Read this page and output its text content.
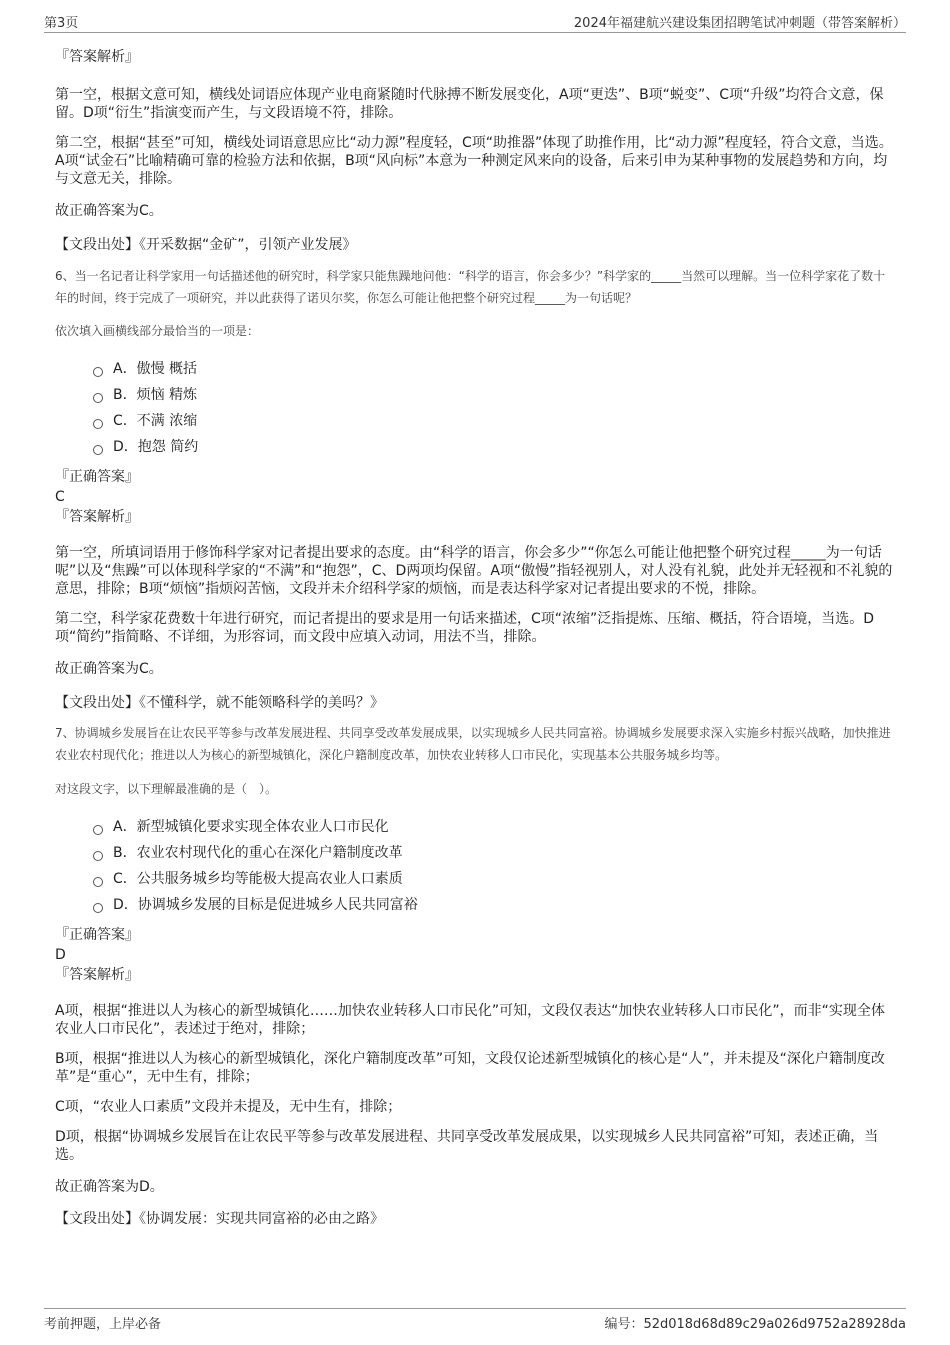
第3页	2024年福建航兴建设集团招聘笔试冲刺题（带答案解析）

『答案解析』

第一空，根据文意可知，横线处词语应体现产业电商紧随时代脉搏不断发展变化，A项“更迭”、B项“蜕变”、C项“升级”均符合文意，保留。D项“衍生”指演变而产生，与文段语境不符，排除。

第二空，根据“甚至”可知，横线处词语意思应比“动力源”程度轻，C项“助推器”体现了助推作用，比“动力源”程度轻，符合文意，当选。A项“试金石”比喻精确可靠的检验方法和依据，B项“风向标”本意为一种测定风来向的设备，后来引申为某种事物的发展趋势和方向，均与文意无关，排除。

故正确答案为C。

【文段出处】《开采数据“金矿”，引领产业发展》

6、当一名记者让科学家用一句话描述他的研究时，科学家只能焦躁地问他：“科学的语言，你会多少？”科学家的_____当然可以理解。当一位科学家花了数十年的时间，终于完成了一项研究，并以此获得了诺贝尔奖，你怎么可能让他把整个研究过程_____为一句话呢？

依次填入画横线部分最恰当的一项是：

A．傲慢 概括
B．烦恼 精炼
C．不满 浓缩
D．抱怨 简约

『正确答案』

C

『答案解析』

第一空，所填词语用于修饰科学家对记者提出要求的态度。由“科学的语言，你会多少”“你怎么可能让他把整个研究过程_____为一句话呢”以及“焦躁”可以体现科学家的“不满”和“抱怨”，C、D两项均保留。A项“傲慢”指轻视别人，对人没有礼貌，此处并无轻视和不礼貌的意思，排除；B项“烦恼”指烦闷苦恼，文段并未介绍科学家的烦恼，而是表达科学家对记者提出要求的不悦，排除。

第二空，科学家花费数十年进行研究，而记者提出的要求是用一句话来描述，C项“浓缩”泛指提炼、压缩、概括，符合语境，当选。D项“简约”指简略、不详细，为形容词，而文段中应填入动词，用法不当，排除。

故正确答案为C。

【文段出处】《不懂科学，就不能领略科学的美吗？》

7、协调城乡发展旨在让农民平等参与改革发展进程、共同享受改革发展成果，以实现城乡人民共同富裕。协调城乡发展要求深入实施乡村振兴战略，加快推进农业农村现代化；推进以人为核心的新型城镇化，深化户籍制度改革，加快农业转移人口市民化，实现基本公共服务城乡均等。

对这段文字，以下理解最准确的是（　）。

A．新型城镇化要求实现全体农业人口市民化
B．农业农村现代化的重心在深化户籍制度改革
C．公共服务城乡均等能极大提高农业人口素质
D．协调城乡发展的目标是促进城乡人民共同富裕

『正确答案』

D

『答案解析』

A项，根据“推进以人为核心的新型城镇化……加快农业转移人口市民化”可知，文段仅表达“加快农业转移人口市民化”，而非“实现全体农业人口市民化”，表述过于绝对，排除；

B项，根据“推进以人为核心的新型城镇化，深化户籍制度改革”可知，文段仅论述新型城镇化的核心是“人”，并未提及“深化户籍制度改革”是“重心”，无中生有，排除；

C项，“农业人口素质”文段并未提及，无中生有，排除；

D项，根据“协调城乡发展旨在让农民平等参与改革发展进程、共同享受改革发展成果，以实现城乡人民共同富裕”可知，表述正确，当选。

故正确答案为D。

【文段出处】《协调发展：实现共同富裕的必由之路》

考前押题，上岸必备	编号：52d018d68d89c29a026d9752a28928da
